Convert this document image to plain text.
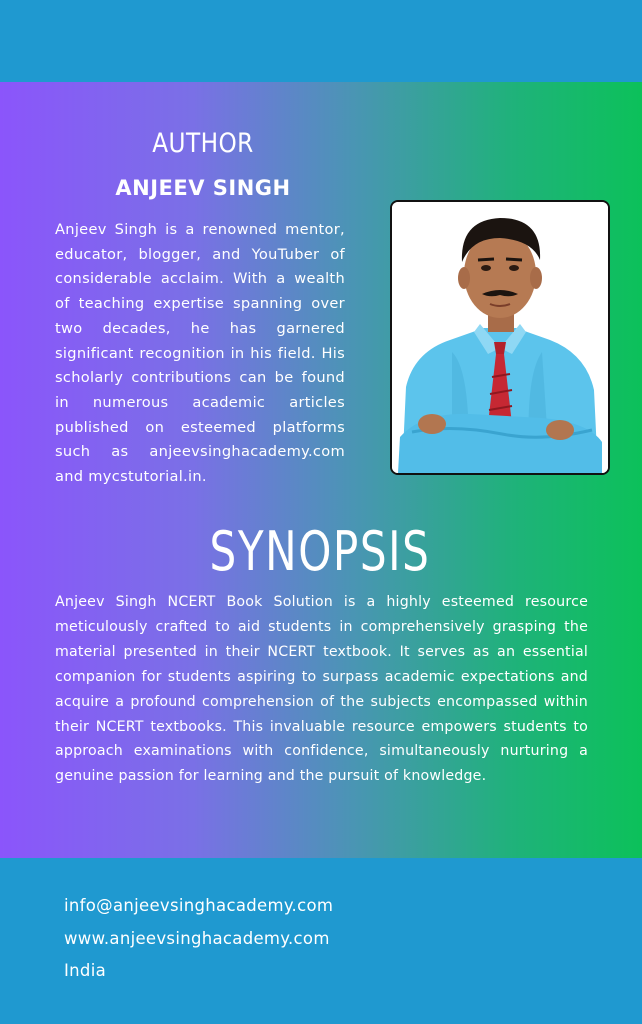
AUTHOR
ANJEEV SINGH

Anjeev Singh is a renowned mentor, educator, blogger, and YouTuber of considerable acclaim. With a wealth of teaching expertise spanning over two decades, he has garnered significant recognition in his field. His scholarly contributions can be found in numerous academic articles published on esteemed platforms such as anjeevsinghacademy.com and mycstutorial.in.

SYNOPSIS

Anjeev Singh NCERT Book Solution is a highly esteemed resource meticulously crafted to aid students in comprehensively grasping the material presented in their NCERT textbook. It serves as an essential companion for students aspiring to surpass academic expectations and acquire a profound comprehension of the subjects encompassed within their NCERT textbooks. This invaluable resource empowers students to approach examinations with confidence, simultaneously nurturing a genuine passion for learning and the pursuit of knowledge.

info@anjeevsinghacademy.com
www.anjeevsinghacademy.com
India
